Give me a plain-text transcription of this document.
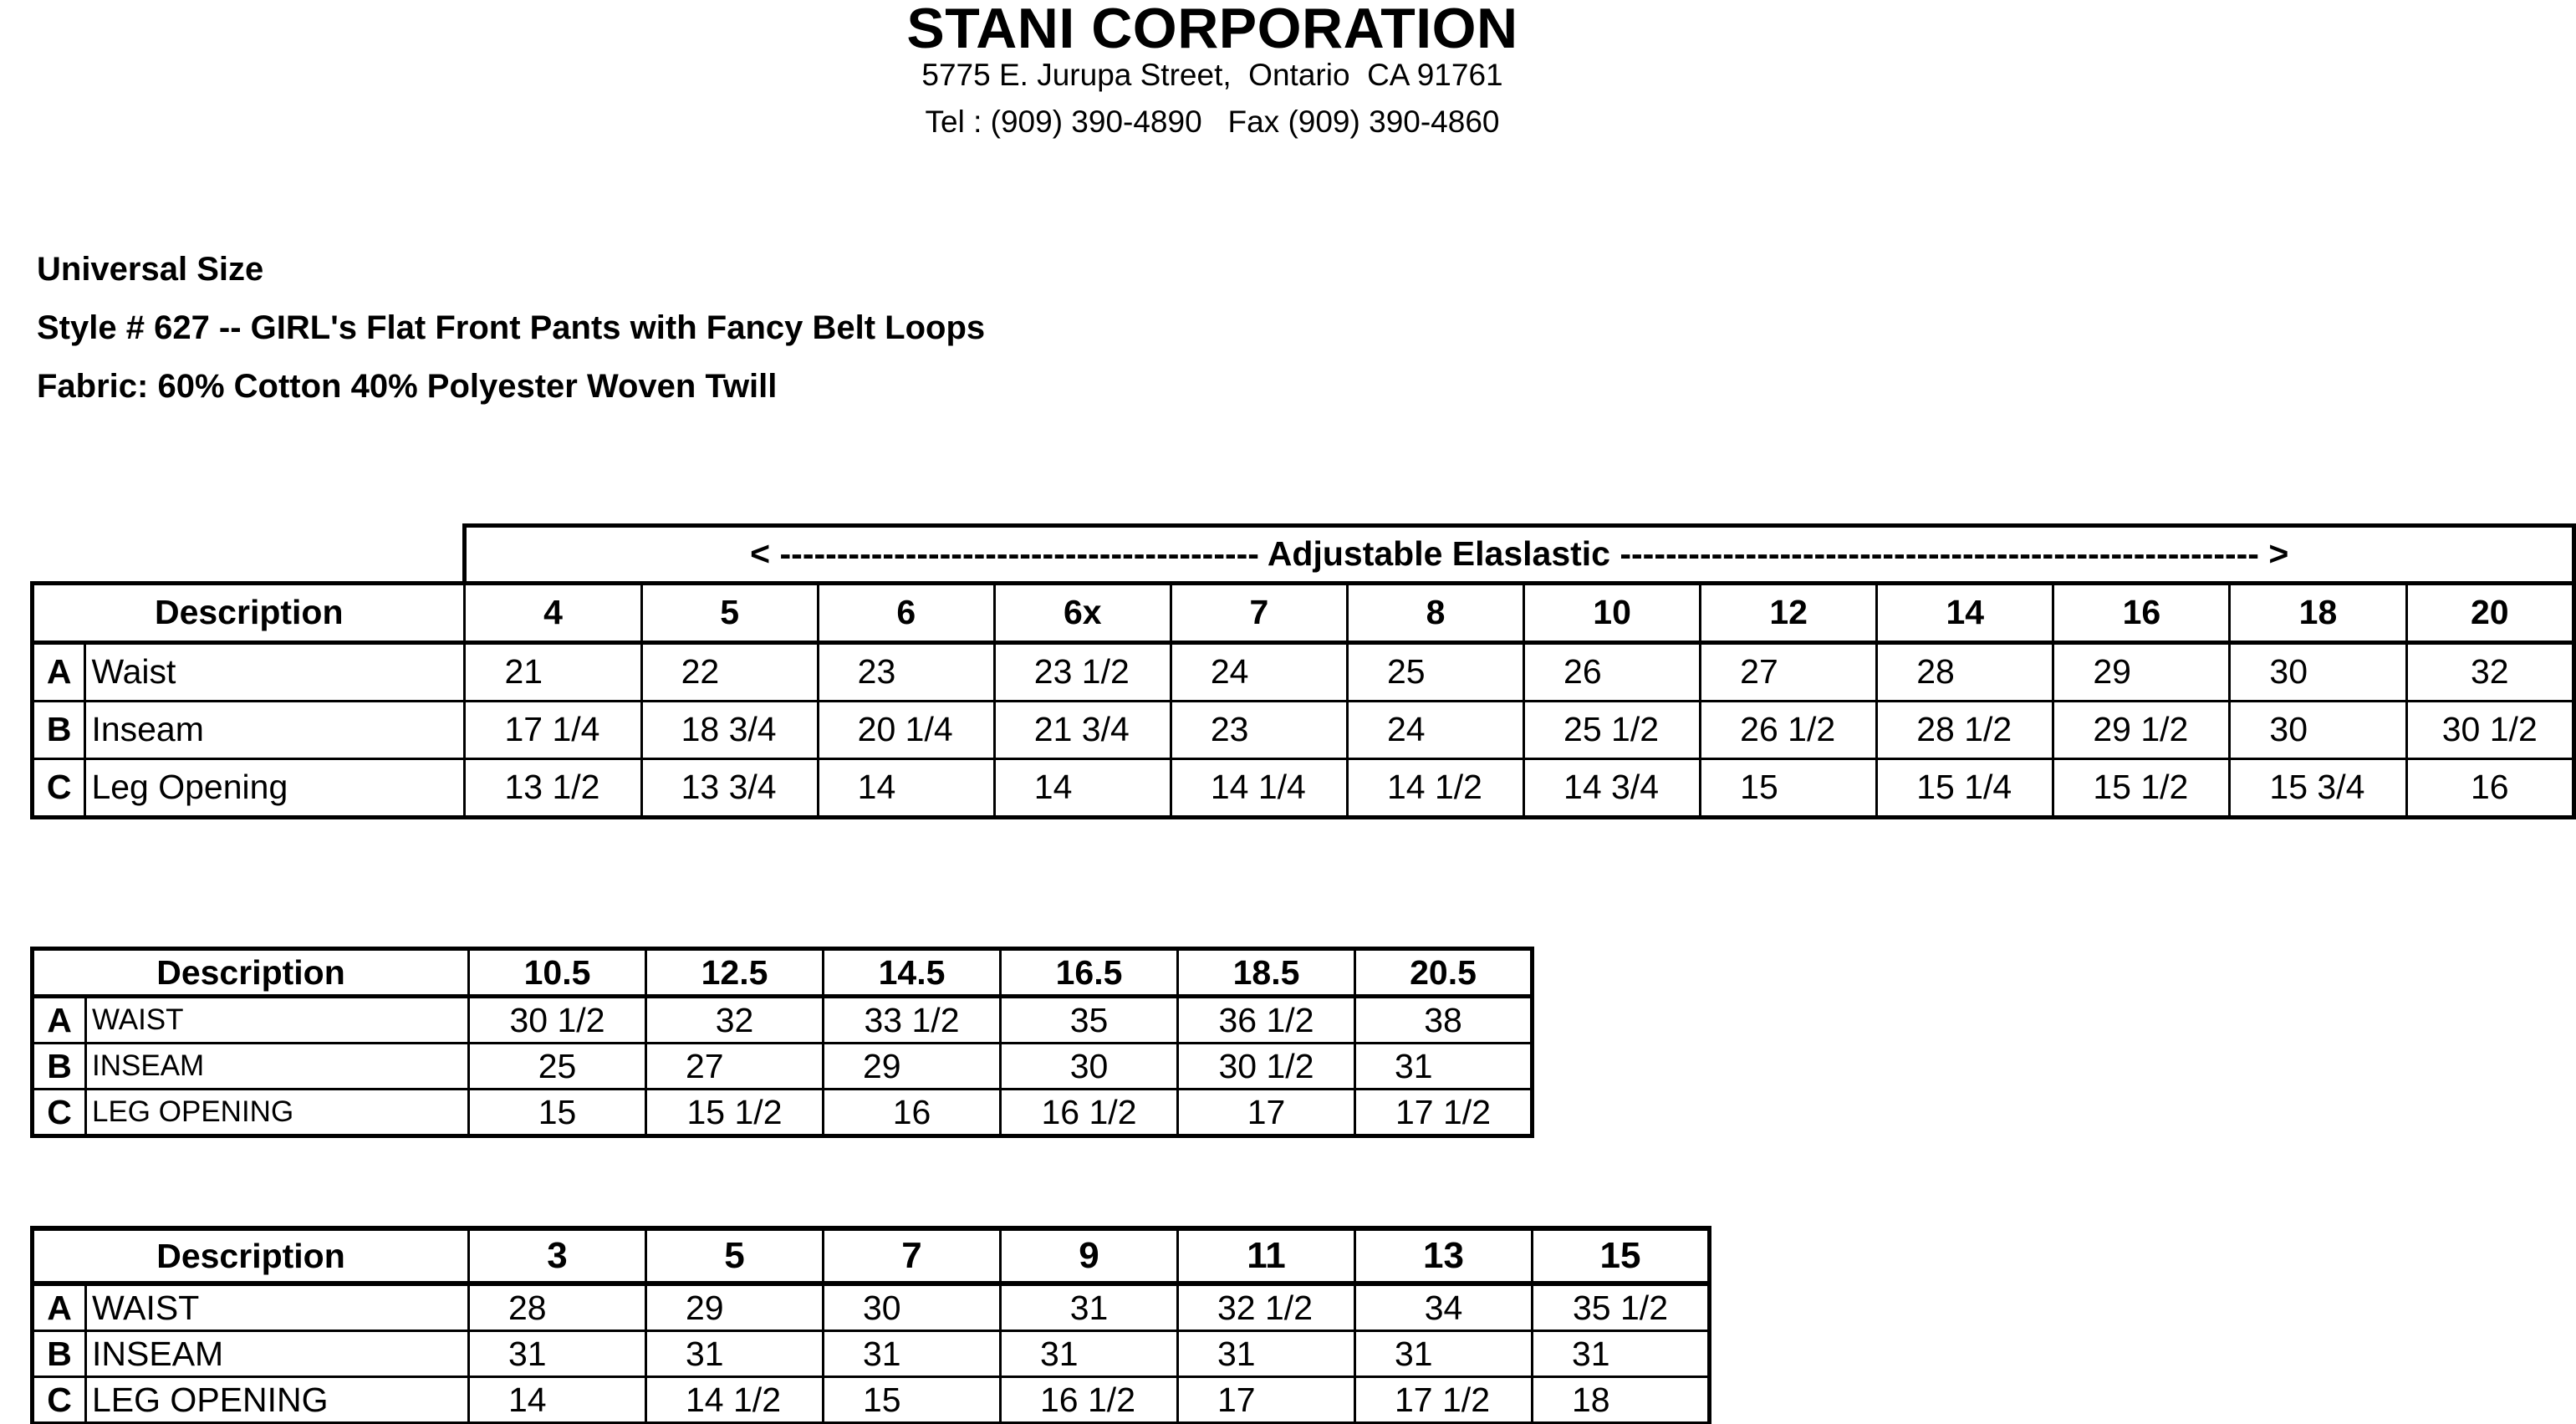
STANI CORPORATION
5775 E. Jurupa Street,  Ontario  CA 91761
Tel : (909) 390-4890   Fax (909) 390-4860
Universal Size
Style # 627 -- GIRL's Flat Front Pants with Fancy Belt Loops
Fabric: 60% Cotton 40% Polyester Woven Twill
		< ------------------------------------------ Adjustable Elaslastic -------------------------------------------------------- >											
Description		4	5	6	6x	7	8	10	12	14	16	18	20
A	Waist	21	22	23	23 1/2	24	25	26	27	28	29	30	32
B	Inseam	17 1/4	18 3/4	20 1/4	21 3/4	23	24	25 1/2	26 1/2	28 1/2	29 1/2	30	30 1/2
C	Leg Opening	13 1/2	13 3/4	14	14	14 1/4	14 1/2	14 3/4	15	15 1/4	15 1/2	15 3/4	16
Description		10.5	12.5	14.5	16.5	18.5	20.5
A	WAIST	30 1/2	32	33 1/2	35	36 1/2	38
B	INSEAM	25	27	29	30	30 1/2	31
C	LEG OPENING	15	15 1/2	16	16 1/2	17	17 1/2
Description		3	5	7	9	11	13	15
A	WAIST	28	29	30	31	32 1/2	34	35 1/2
B	INSEAM	31	31	31	31	31	31	31
C	LEG OPENING	14	14 1/2	15	16 1/2	17	17 1/2	18
